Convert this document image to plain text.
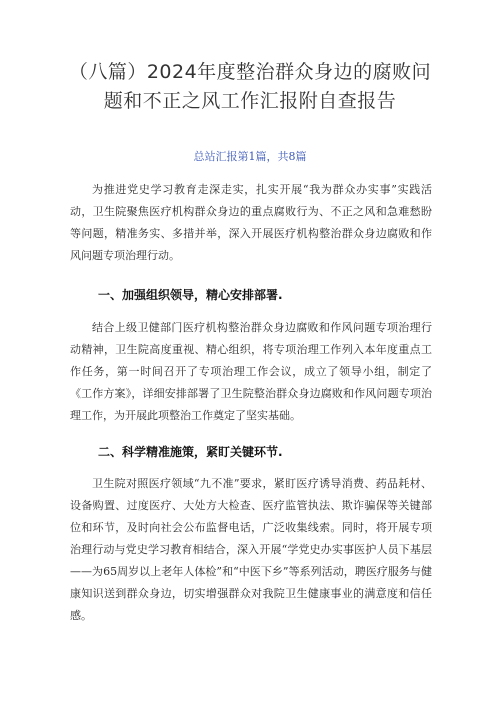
（八篇）2024年度整治群众身边的腐败问题和不正之风工作汇报附自查报告
总站汇报第1篇，共8篇

为推进党史学习教育走深走实，扎实开展“我为群众办实事”实践活动，卫生院聚焦医疗机构群众身边的重点腐败行为、不正之风和急难愁盼等问题，精准务实、多措并举，深入开展医疗机构整治群众身边腐败和作风问题专项治理行动。

一、加强组织领导，精心安排部署.

结合上级卫健部门医疗机构整治群众身边腐败和作风问题专项治理行动精神，卫生院高度重视、精心组织，将专项治理工作列入本年度重点工作任务，第一时间召开了专项治理工作会议，成立了领导小组，制定了《工作方案》，详细安排部署了卫生院整治群众身边腐败和作风问题专项治理工作，为开展此项整治工作奠定了坚实基础。

二、科学精准施策，紧盯关键环节.

卫生院对照医疗领域“九不准”要求，紧盯医疗诱导消费、药品耗材、设备购置、过度医疗、大处方大检查、医疗监管执法、欺诈骗保等关键部位和环节，及时向社会公布监督电话，广泛收集线索。同时，将开展专项治理行动与党史学习教育相结合，深入开展“学党史办实事医护人员下基层——为65周岁以上老年人体检”和“中医下乡”等系列活动，聘医疗服务与健康知识送到群众身边，切实增强群众对我院卫生健康事业的满意度和信任感。
